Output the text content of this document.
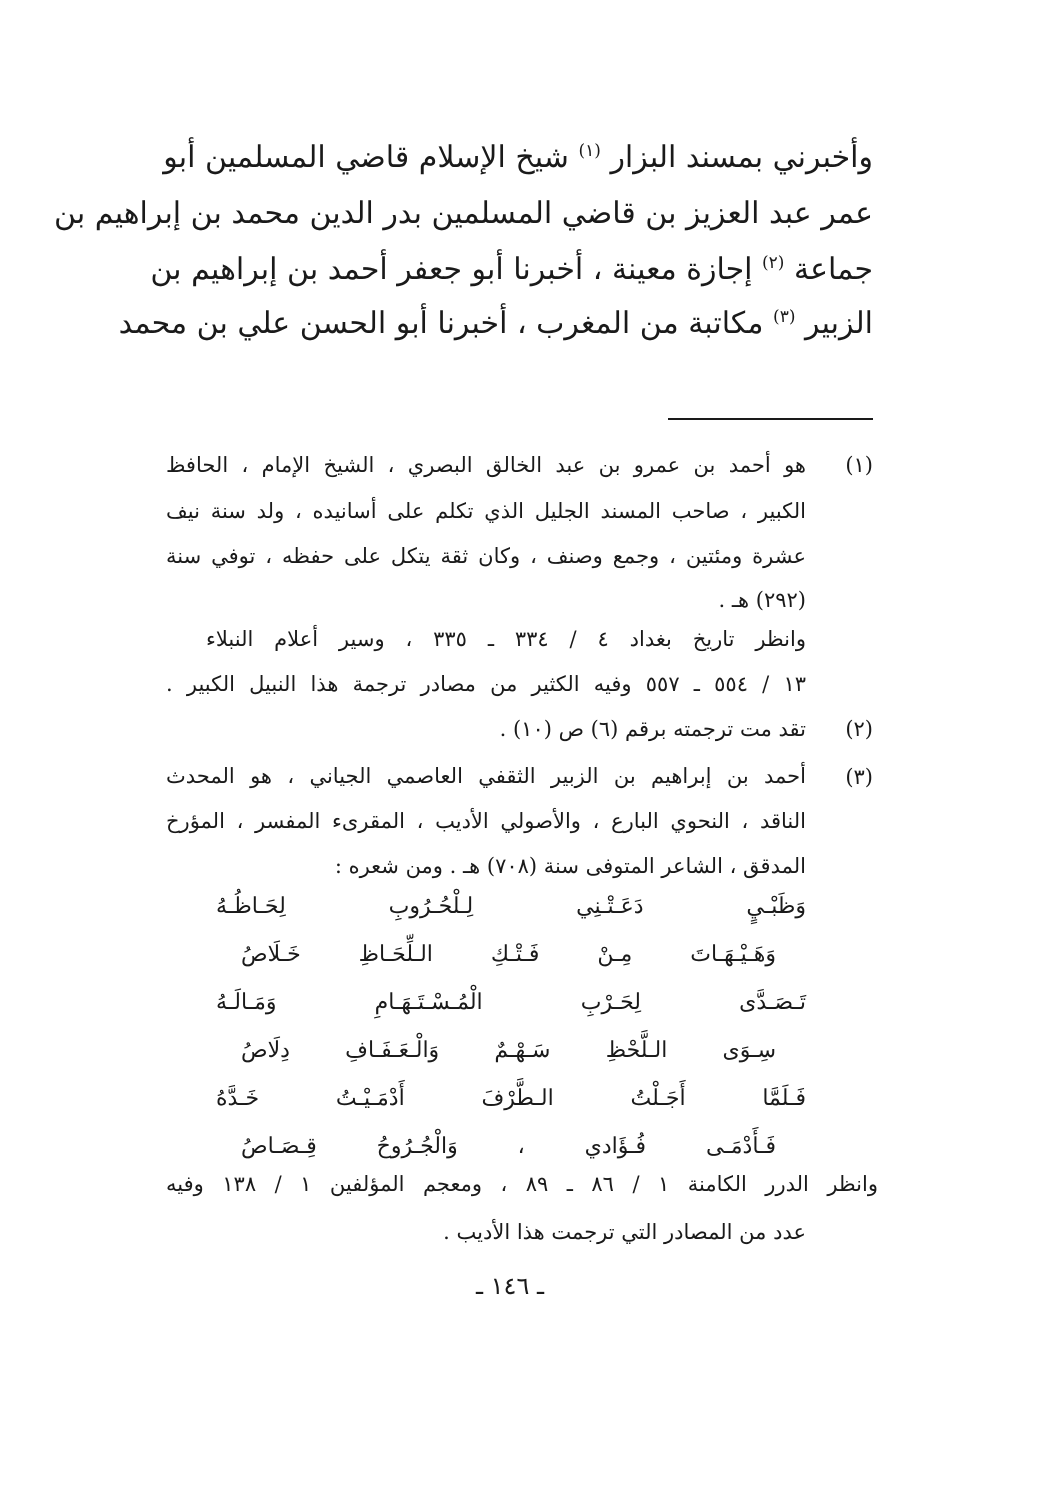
وأخبرني بمسند البزار $^{(١)}$ شيخ الإسلام قاضي المسلمين أبو
عمر عبد العزيز بن قاضي المسلمين بدر الدين محمد بن إبراهيم بن
جماعة $^{(٢)}$ إجازة معينة ، أخبرنا أبو جعفر أحمد بن إبراهيم بن
الزبير $^{(٣)}$ مكاتبة من المغرب ، أخبرنا أبو الحسن علي بن محمد
(١)
هو أحمد بن عمرو بن عبد الخالق البصري ، الشيخ الإمام ، الحافظ
الكبير ، صاحب المسند الجليل الذي تكلم على أسانيده ، ولد سنة نيف
عشرة ومئتين ، وجمع وصنف ، وكان ثقة يتكل على حفظه ، توفي سنة
(٢٩٢) هـ .
وانظر تاريخ بغداد ٤ / ٣٣٤ ـ ٣٣٥ ، وسير أعلام النبلاء
١٣ / ٥٥٤ ـ ٥٥٧ وفيه الكثير من مصادر ترجمة هذا النبيل الكبير .
(٢)
تقد مت ترجمته برقم (٦) ص (١٠) .
(٣)
أحمد بن إبراهيم بن الزبير الثقفي العاصمي الجياني ، هو المحدث
الناقد ، النحوي البارع ، والأصولي الأديب ، المقرىء المفسر ، المؤرخ
المدقق ، الشاعر المتوفى سنة (٧٠٨) هـ . ومن شعره :
وَظَبْـيٍ دَعَـتْـنِي لِـلْحُـرُوبِ لِحَـاظُـهُ
وَهَـيْـهَـاتَ مِـنْ فَـتْـكِ الـلِّحَـاظِ خَـلَاصُ
تَـصَـدَّى لِحَـرْبِ الْمُـسْـتَـهَـامِ وَمَـالَـهُ
سِـوَى الـلَّحْظِ سَـهْـمٌ وَالْـعَـفَـافِ دِلَاصُ
فَـلَمَّا أَجَـلْتُ الـطَّرْفَ أَدْمَـيْـتُ خَـدَّهُ
فَـأَدْمَـى فُـؤَادي ، وَالْجُـرُوحُ قِـصَـاصُ
وانظر الدرر الكامنة ١ / ٨٦ ـ ٨٩ ، ومعجم المؤلفين ١ / ١٣٨ وفيه
عدد من المصادر التي ترجمت هذا الأديب .
ـ ١٤٦ ـ
